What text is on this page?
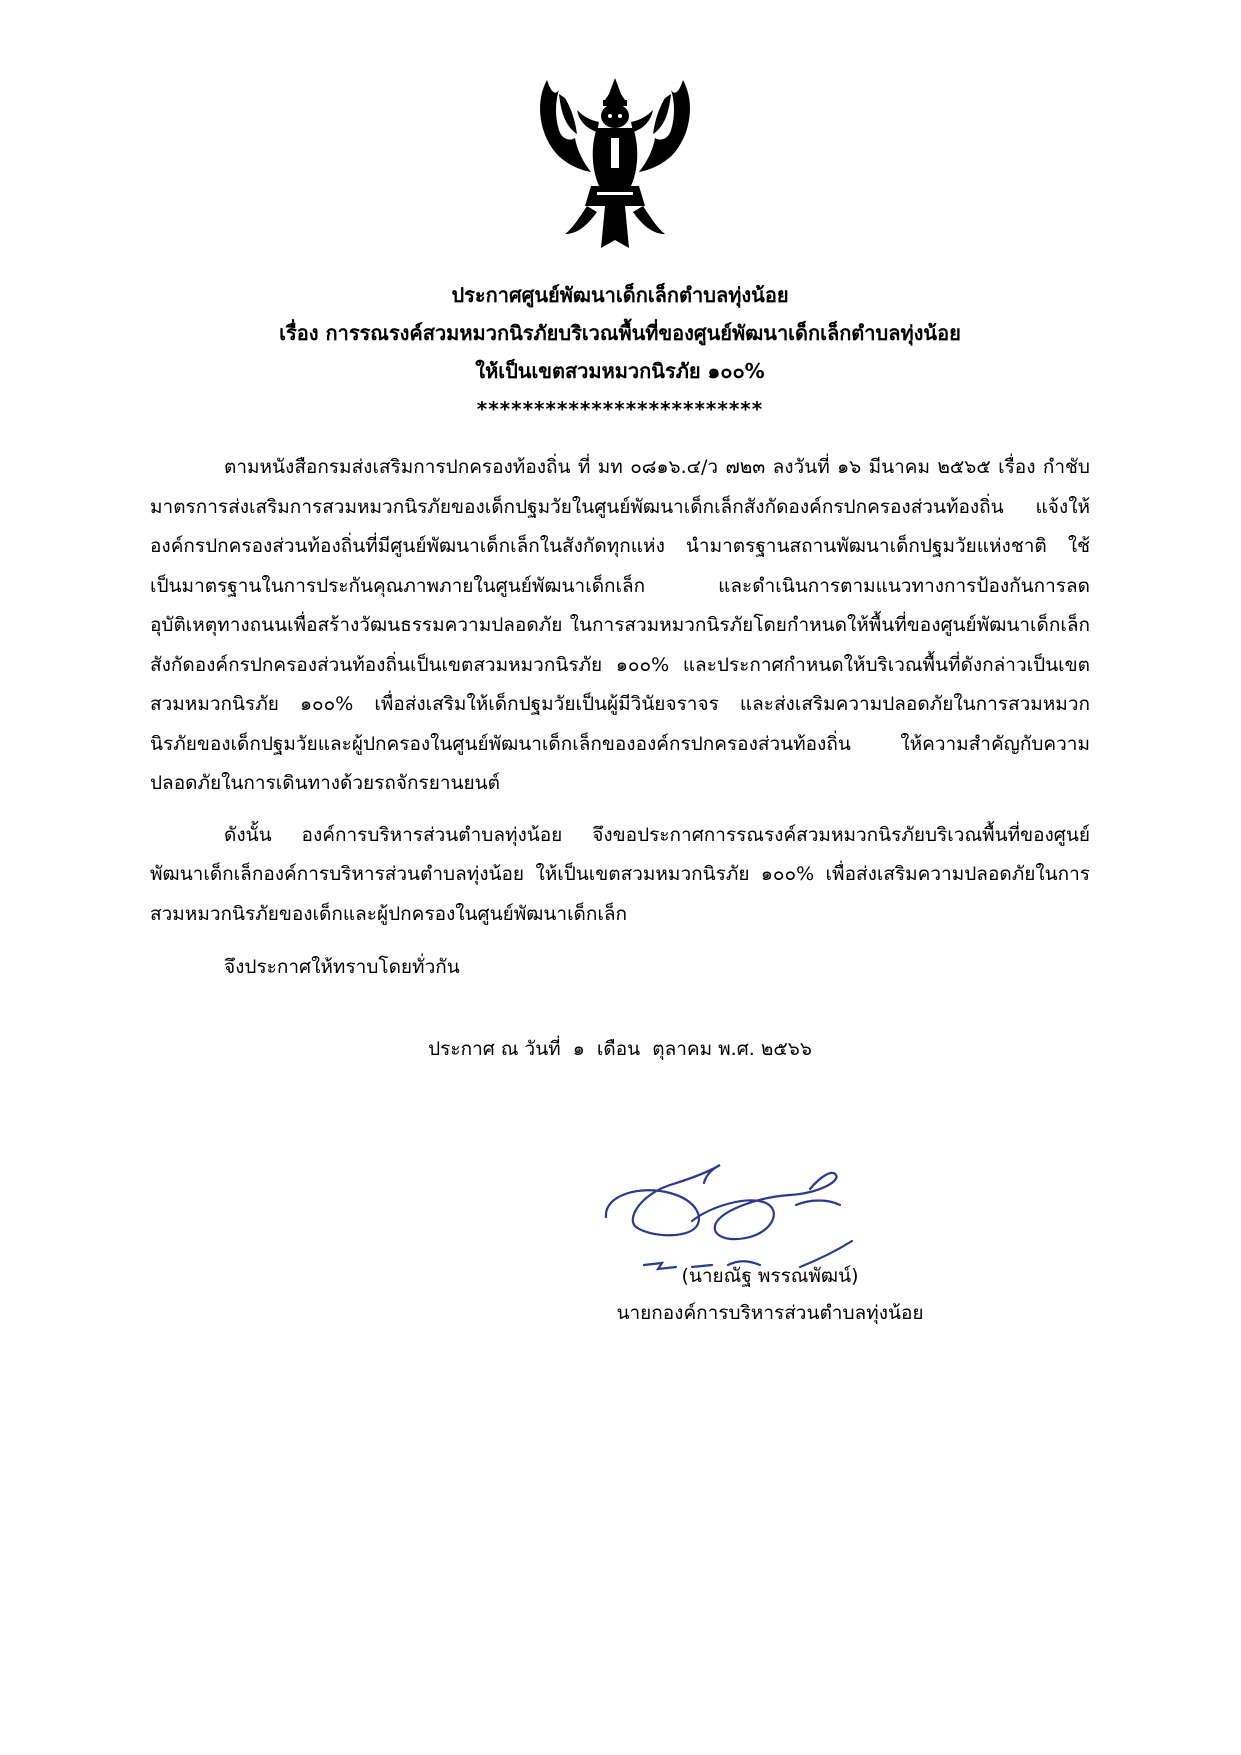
ประกาศศูนย์พัฒนาเด็กเล็กตำบลทุ่งน้อย
เรื่อง การรณรงค์สวมหมวกนิรภัยบริเวณพื้นที่ของศูนย์พัฒนาเด็กเล็กตำบลทุ่งน้อย
ให้เป็นเขตสวมหมวกนิรภัย ๑๐๐%
*************************

ตามหนังสือกรมส่งเสริมการปกครองท้องถิ่น ที่ มท ๐๘๑๖.๔/ว ๗๒๓ ลงวันที่ ๑๖ มีนาคม ๒๕๖๕ เรื่อง กำชับมาตรการส่งเสริมการสวมหมวกนิรภัยของเด็กปฐมวัยในศูนย์พัฒนาเด็กเล็กสังกัดองค์กรปกครองส่วนท้องถิ่น แจ้งให้องค์กรปกครองส่วนท้องถิ่นที่มีศูนย์พัฒนาเด็กเล็กในสังกัดทุกแห่ง นำมาตรฐานสถานพัฒนาเด็กปฐมวัยแห่งชาติ ใช้เป็นมาตรฐานในการประกันคุณภาพภายในศูนย์พัฒนาเด็กเล็ก และดำเนินการตามแนวทางการป้องกันการลดอุบัติเหตุทางถนนเพื่อสร้างวัฒนธรรมความปลอดภัย ในการสวมหมวกนิรภัยโดยกำหนดให้พื้นที่ของศูนย์พัฒนาเด็กเล็กสังกัดองค์กรปกครองส่วนท้องถิ่นเป็นเขตสวมหมวกนิรภัย ๑๐๐% และประกาศกำหนดให้บริเวณพื้นที่ดังกล่าวเป็นเขตสวมหมวกนิรภัย ๑๐๐% เพื่อส่งเสริมให้เด็กปฐมวัยเป็นผู้มีวินัยจราจร และส่งเสริมความปลอดภัยในการสวมหมวกนิรภัยของเด็กปฐมวัยและผู้ปกครองในศูนย์พัฒนาเด็กเล็กขององค์กรปกครองส่วนท้องถิ่น ให้ความสำคัญกับความปลอดภัยในการเดินทางด้วยรถจักรยานยนต์

ดังนั้น องค์การบริหารส่วนตำบลทุ่งน้อย จึงขอประกาศการรณรงค์สวมหมวกนิรภัยบริเวณพื้นที่ของศูนย์พัฒนาเด็กเล็กองค์การบริหารส่วนตำบลทุ่งน้อย ให้เป็นเขตสวมหมวกนิรภัย ๑๐๐% เพื่อส่งเสริมความปลอดภัยในการสวมหมวกนิรภัยของเด็กและผู้ปกครองในศูนย์พัฒนาเด็กเล็ก

จึงประกาศให้ทราบโดยทั่วกัน

ประกาศ ณ วันที่  ๑  เดือน  ตุลาคม พ.ศ. ๒๕๖๖
(นายณัฐ พรรณพัฒน์)
นายกองค์การบริหารส่วนตำบลทุ่งน้อย
